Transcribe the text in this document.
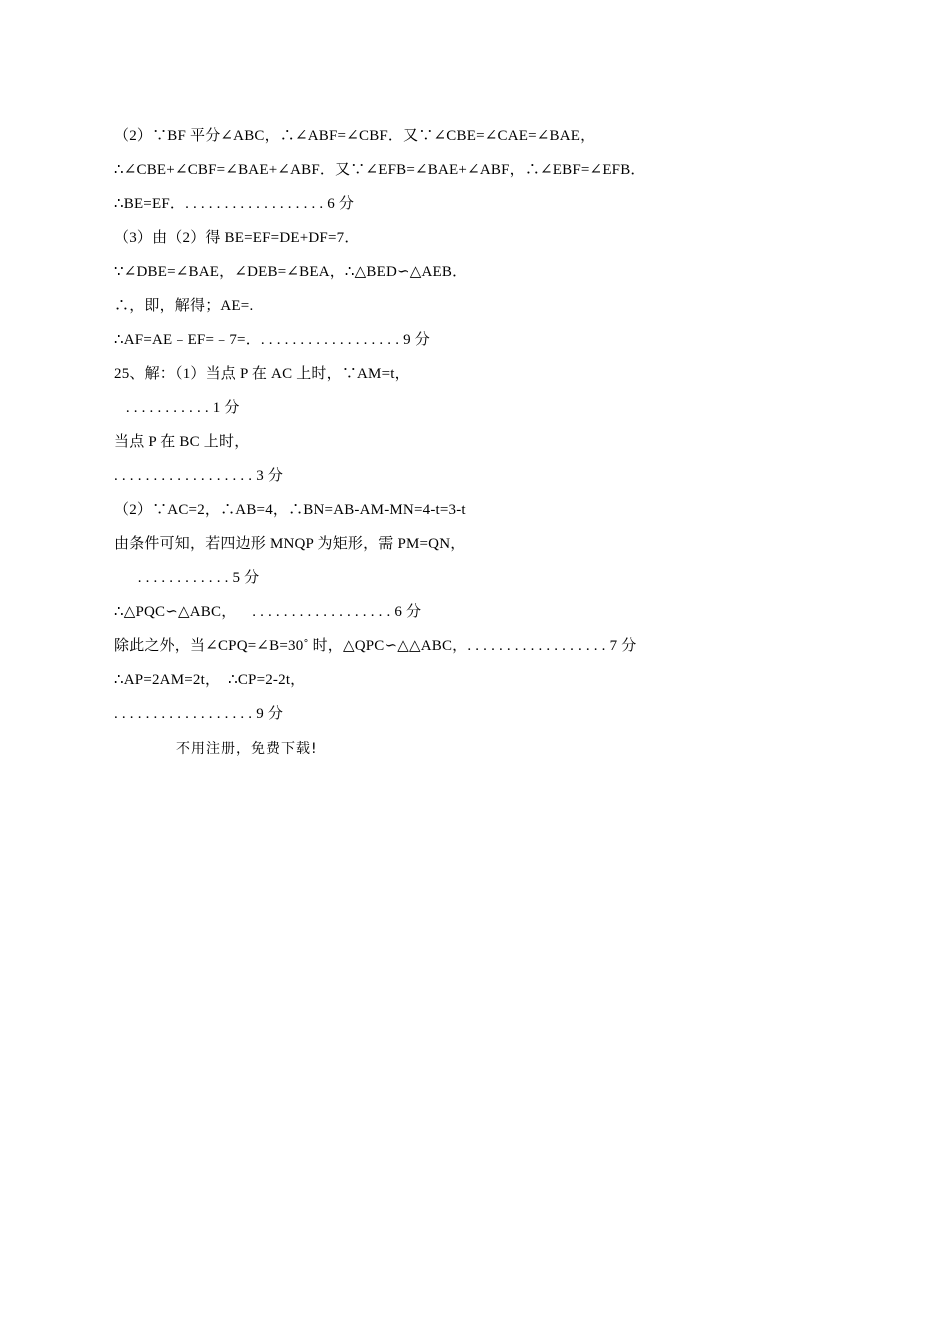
（2）∵BF 平分∠ABC，∴∠ABF=∠CBF．又∵∠CBE=∠CAE=∠BAE，
∴∠CBE+∠CBF=∠BAE+∠ABF．又∵∠EFB=∠BAE+∠ABF，∴∠EBF=∠EFB．
∴BE=EF．. . . . . . . . . . . . . . . . . . 6 分
（3）由（2）得 BE=EF=DE+DF=7．
∵∠DBE=∠BAE，∠DEB=∠BEA，∴△BED∽△AEB．
∴，即，解得；AE=.
∴AF=AE﹣EF=﹣7=．. . . . . . . . . . . . . . . . . . 9 分
25、解：（1）当点 P 在 AC 上时，∵AM=t，
. . . . . . . . . . . 1 分
当点 P 在 BC 上时，
. . . . . . . . . . . . . . . . . . 3 分
（2）∵AC=2，∴AB=4，∴BN=AB-AM-MN=4-t=3-t
由条件可知，若四边形 MNQP 为矩形，需 PM=QN，
. . . . . . . . . . . . 5 分
∴△PQC∽△ABC，    . . . . . . . . . . . . . . . . . . 6 分
除此之外，当∠CPQ=∠B=30˚ 时，△QPC∽△△ABC，. . . . . . . . . . . . . . . . . . 7 分
∴AP=2AM=2t，  ∴CP=2-2t，
. . . . . . . . . . . . . . . . . . 9 分
不用注册，免费下载!
